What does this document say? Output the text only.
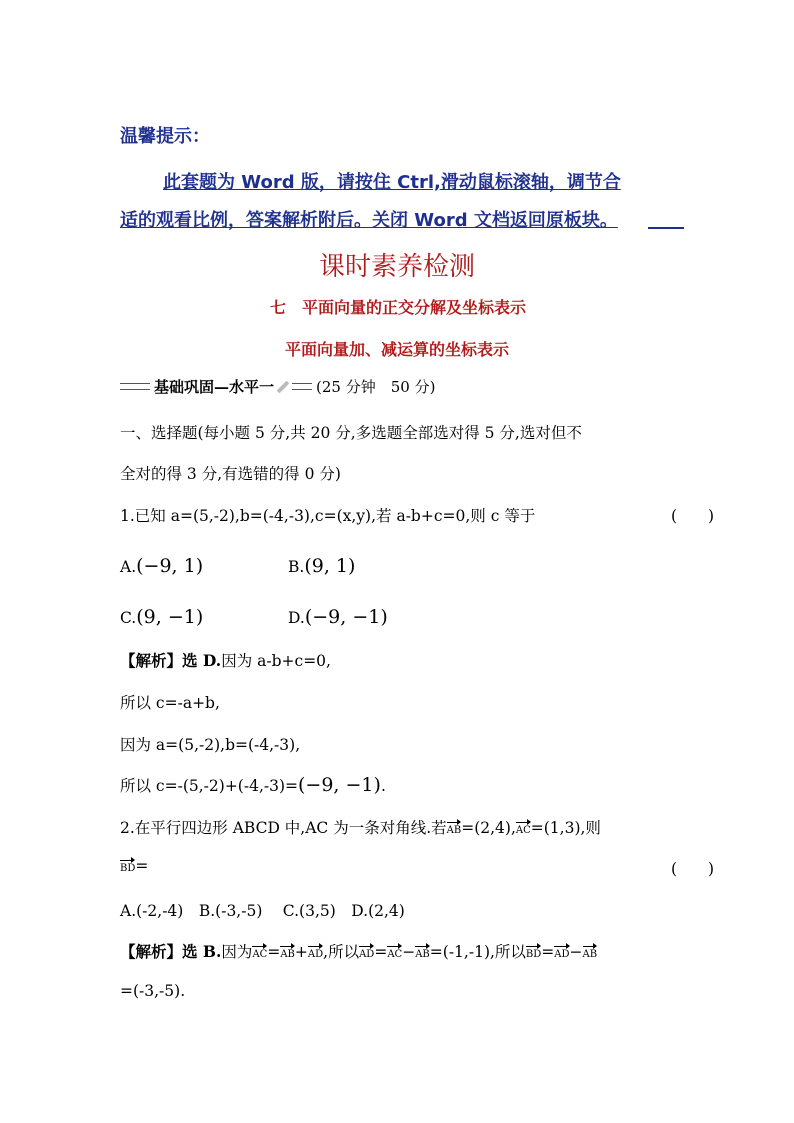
温馨提示：
此套题为 Word 版，请按住 Ctrl,滑动鼠标滚轴，调节合
适的观看比例，答案解析附后。关闭 Word 文档返回原板块。
课时素养检测
七　平面向量的正交分解及坐标表示
平面向量加、减运算的坐标表示
基础巩固—水平一	(25 分钟　50 分)
一、选择题(每小题 5 分,共 20 分,多选题全部选对得 5 分,选对但不
全对的得 3 分,有选错的得 0 分)
1.已知 a=(5,-2),b=(-4,-3),c=(x,y),若 a-b+c=0,则 c 等于	(　　)
A.(−9, 1)	B.(9, 1)
C.(9, −1)	D.(−9, −1)
【解析】选 D.因为 a-b+c=0,
所以 c=-a+b,
因为 a=(5,-2),b=(-4,-3),
所以 c=-(5,-2)+(-4,-3)=(−9, −1).
2.在平行四边形 ABCD 中,AC 为一条对角线.若AB=(2,4),AC=(1,3),则
BD=	(　　)
A.(-2,-4)　B.(-3,-5)　 C.(3,5)　D.(2,4)
【解析】选 B.因为AC=AB+AD,所以AD=AC−AB=(-1,-1),所以BD=AD−AB
=(-3,-5).
